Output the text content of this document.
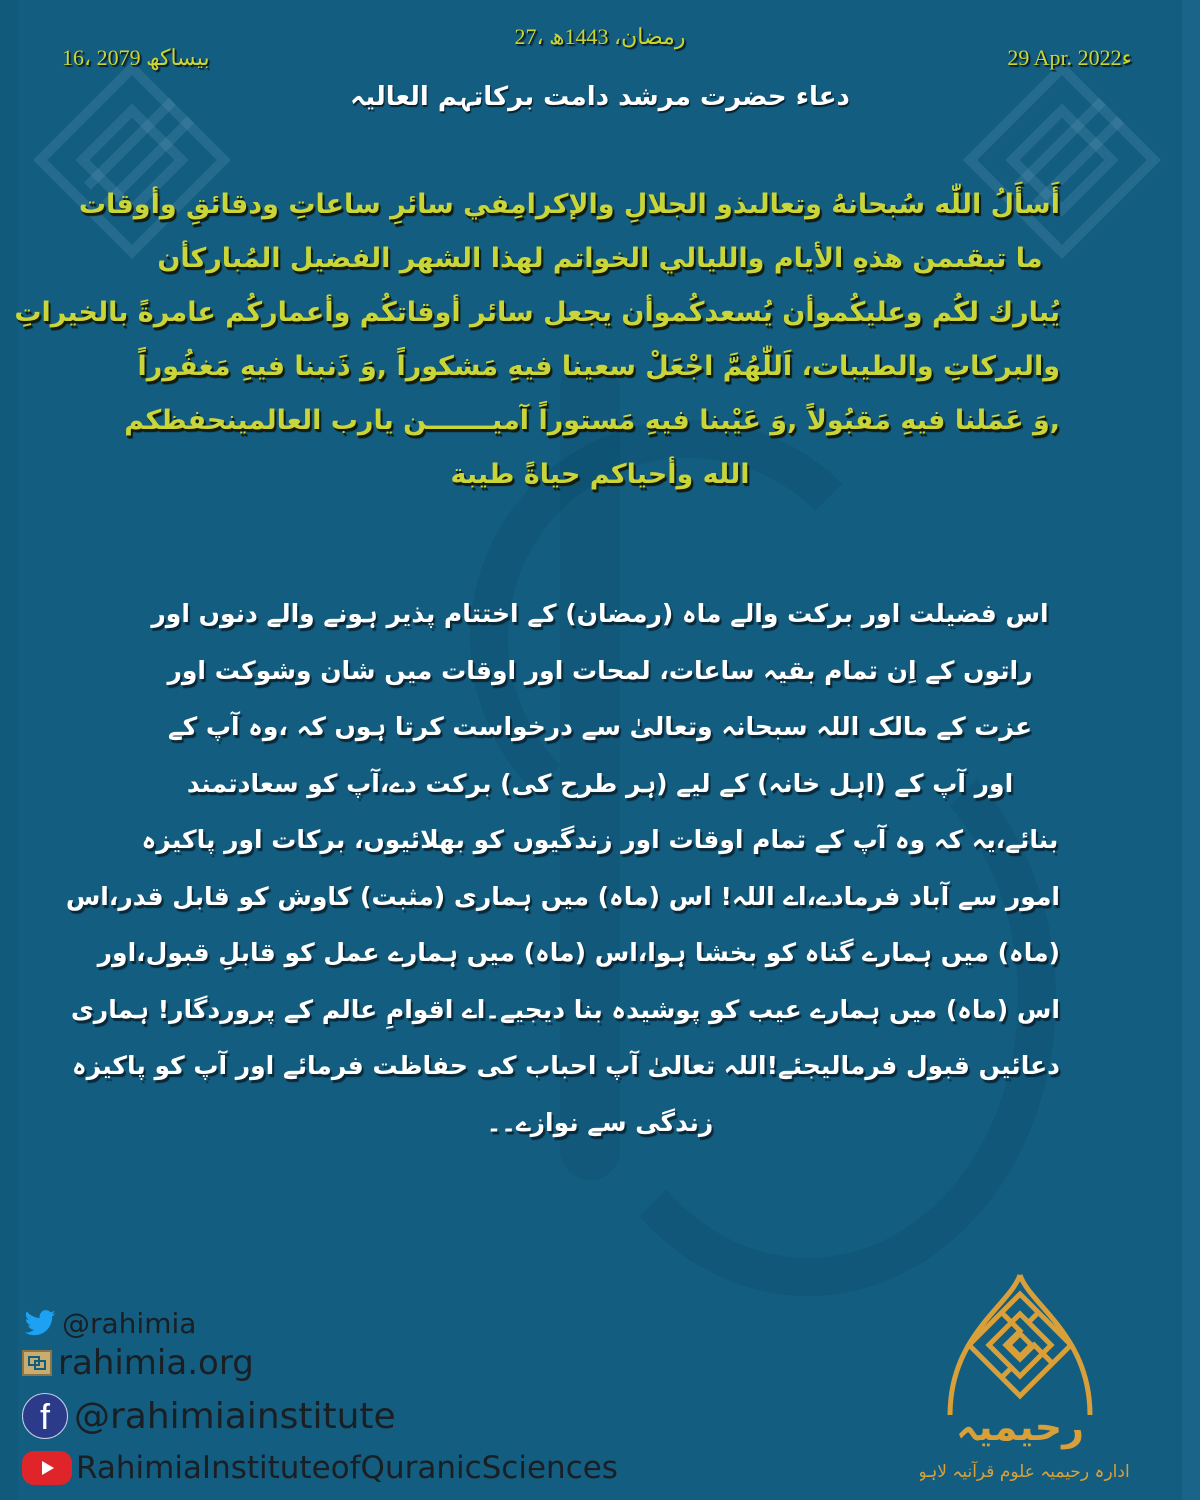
16، بیساکھ 2079
27، رمضان، 1443ھ
29 Apr. 2022ء
دعاء حضرت مرشد دامت برکاتہم العالیہ
أَسأَلُ اللّٰه سُبحانهُ وتعالىذو الجلالِ والإكرامِفي سائرِ ساعاتِ ودقائقِ وأوقات
ما تبقىمن هذهِ الأيام والليالي الخواتم لهذا الشهر الفضيل المُباركأن
يُبارك لكُم وعليكُموأن يُسعدكُموأن يجعل سائر أوقاتكُم وأعماركُم عامرةً بالخيراتِ
والبركاتِ والطيبات، اَللّٰهُمَّ اجْعَلْ سعينا فيهِ مَشكوراً ,وَ ذَنبنا فيهِ مَغفُوراً
,وَ عَمَلنا فيهِ مَقبُولاً ,وَ عَيْبنا فيهِ مَستوراً آمیـــــــن يارب العالمينحفظكم
الله وأحياكم حياةً طيبة
اس فضیلت اور برکت والے ماہ (رمضان) کے اختتام پذیر ہونے والے دنوں اور
راتوں کے اِن تمام بقیہ ساعات، لمحات اور اوقات میں شان وشوکت اور
عزت کے مالک اللہ سبحانہ وتعالیٰ سے درخواست کرتا ہوں کہ ،وہ آپ کے
اور آپ کے (اہل خانہ) کے لیے (ہر طرح کی) برکت دے،آپ کو سعادتمند
بنائے،یہ کہ وہ آپ کے تمام اوقات اور زندگیوں کو بھلائیوں، برکات اور پاکیزہ
امور سے آباد فرمادے،اے اللہ! اس (ماہ) میں ہماری (مثبت) کاوش کو قابل قدر،اس
(ماہ) میں ہمارے گناہ کو بخشا ہوا،اس (ماہ) میں ہمارے عمل کو قابلِ قبول،اور
اس (ماہ) میں ہمارے عیب کو پوشیدہ بنا دیجیے۔اے اقوامِ عالم کے پروردگار! ہماری
دعائیں قبول فرمالیجئے!اللہ تعالیٰ آپ احباب کی حفاظت فرمائے اور آپ کو پاکیزہ
زندگی سے نوازے۔۔
@rahimia
rahimia.org
f @rahimiainstitute
RahimiaInstituteofQuranicSciences
رحیمیہ
ادارہ رحیمیہ علوم قرآنیہ لاہور
